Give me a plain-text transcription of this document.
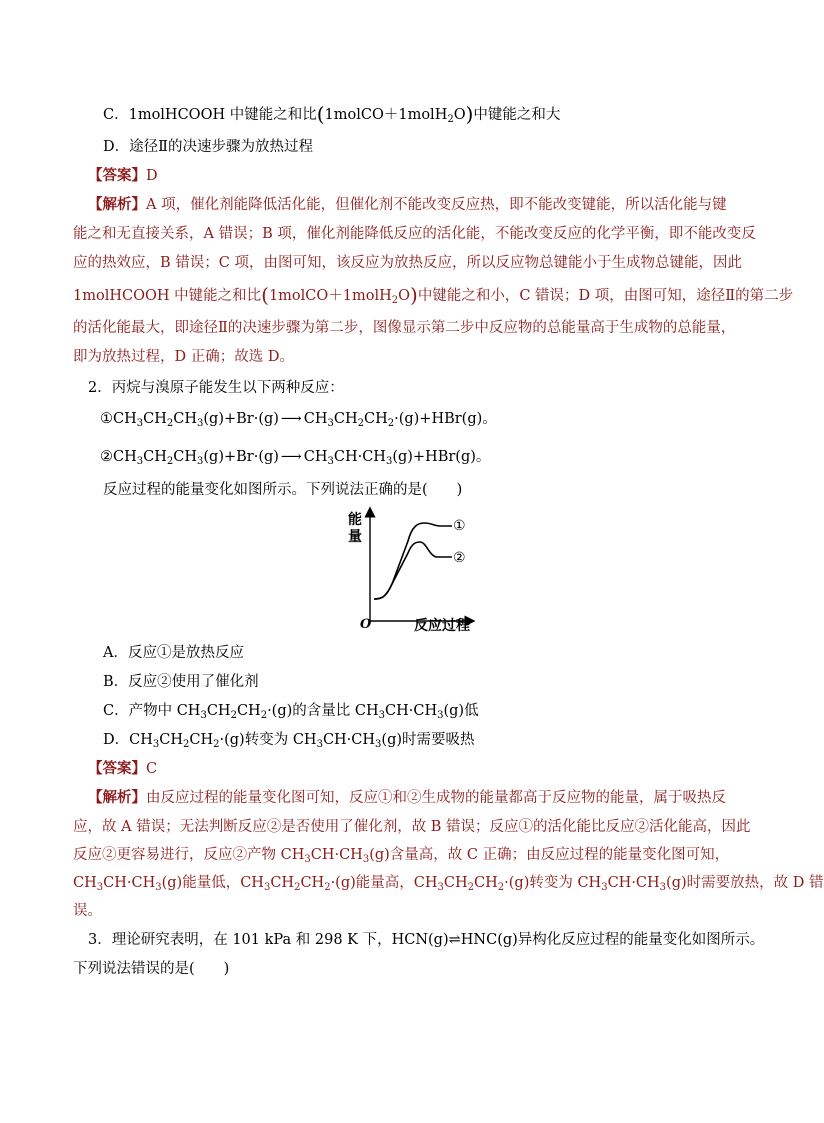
C．1molHCOOH 中键能之和比(1molCO＋1molH$_2$O)中键能之和大
D．途径Ⅱ的决速步骤为放热过程
【答案】D
【解析】A 项，催化剂能降低活化能，但催化剂不能改变反应热，即不能改变键能，所以活化能与键
能之和无直接关系，A 错误；B 项，催化剂能降低反应的活化能，不能改变反应的化学平衡，即不能改变反
应的热效应，B 错误；C 项，由图可知，该反应为放热反应，所以反应物总键能小于生成物总键能，因此
1molHCOOH 中键能之和比(1molCO＋1molH$_2$O)中键能之和小，C 错误；D 项，由图可知，途径Ⅱ的第二步
的活化能最大，即途径Ⅱ的决速步骤为第二步，图像显示第二步中反应物的总能量高于生成物的总能量，
即为放热过程，D 正确；故选 D。
2．丙烷与溴原子能发生以下两种反应：
$①CH_3CH_2CH_3(g)+Br\cdot(g)$ ⟶ $CH_3CH_2CH_2\cdot(g)+HBr(g)$。
$②CH_3CH_2CH_3(g)+Br\cdot(g)$ ⟶ $CH_3CH\cdot CH_3(g)+HBr(g)$。
反应过程的能量变化如图所示。下列说法正确的是(　　)
能
量
O	反应过程
①
②
A．反应①是放热反应
B．反应②使用了催化剂
C．产物中 $CH_3CH_2CH_2\cdot(g)$的含量比 $CH_3CH\cdot CH_3(g)$低
D．$CH_3CH_2CH_2\cdot(g)$转变为 $CH_3CH\cdot CH_3(g)$时需要吸热
【答案】C
【解析】由反应过程的能量变化图可知，反应①和②生成物的能量都高于反应物的能量，属于吸热反
应，故 A 错误；无法判断反应②是否使用了催化剂，故 B 错误；反应①的活化能比反应②活化能高，因此
反应②更容易进行，反应②产物 $CH_3CH\cdot CH_3(g)$含量高，故 C 正确；由反应过程的能量变化图可知，
$CH_3CH\cdot CH_3(g)$能量低，$CH_3CH_2CH_2\cdot(g)$能量高，$CH_3CH_2CH_2\cdot(g)$转变为 $CH_3CH\cdot CH_3(g)$时需要放热，故 D 错
误。
3．理论研究表明，在 101 kPa 和 298 K 下，HCN(g)⇌HNC(g)异构化反应过程的能量变化如图所示。
下列说法错误的是(　　)
